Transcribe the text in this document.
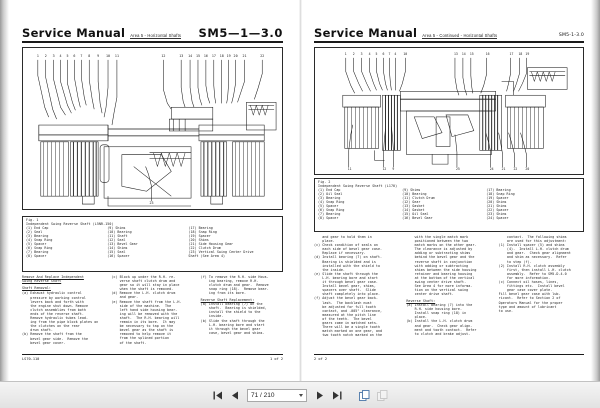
Service Manual Area 5 - Horizontal Shafts SM5—1—3.0
1 2 3 4 5 6 7 8 9 10 11	12	13 14 15 16 17 18 19 20 21	22
23
Fig. 1
Independent Swing Reverse Shaft (L5NR-150)
(1) End Cap
(2) Seal
(3) Bearing
(4) Snap Ring
(5) Spacer
(6) Snap Ring
(7) Bearing
(8) Spacer
(9) Shims
(10) Bearing
(11) Shaft
(12) Seal
(13) Bevel Gear
(14) Shims
(15) Seal
(16) Spacer
(17) Bearing
(18) Snap Ring
(19) Spacer
(20) Shims
(21) Side Housing Gear
(22) Clutch Drum
(23) Vertical Swing Center Drive
Shaft (See Area 4)
Remove And Replace Independent
Swing Reverse Shaft
Shaft Removal:
(a) Exhaust hydraulic control
pressure by working control
levers back and forth with
the engine shut down. Remove
clutch assemblies from both
ends of the reverse shaft.
Remove hydraulic tubes lead-
ing from the pipe block plates on
the clutches on the rear
drum shaft.
(b) Remove the shaft from the
bevel gear side.  Remove the
bevel gear cover.
(c) Block up under the R.H. re-
verse shaft clutch drum and
gear so it will stay in place
when the shaft is removed.
(d) Remove the L.H. clutch drum
and gear.
(e) Remove the shaft from the L.H.
side of the machine.  The
left hand side housing bear-
ing will be removed with the
shaft.  The R.H. bearing will
remain in its bore.  It may
be necessary to tap on the
bevel gear as the shaft is
removed to help remove it
from the splined portion
of the shaft.
(f) To remove the R.H. side Hous-
ing bearing, remove R.H.
clutch drum and gear.  Remove
snap ring (18).  Remove bear-
ing from its bore.
Reverse Shaft Replacement:
(a) Install bearing (7) on the
shaft.  Bearing is shielded,
install the shield to the
inside.
(b) Slide the shaft through the
L.H. bearing bore and start
it through the bevel gear
case, bevel gear and shims.
LS70-110	1 of 2
Service Manual Area 5 - Continued - Horizontal Shafts	SM5-1-3.0
1 2 3 4 5 6 7 4 10	13 14 15	16	17 18 19
11	12 9	25	24	21	22	20
Fig. 2
Independent Swing Reverse Shaft (L170)
(1) End Cap
(2) Oil Seal
(3) Bearing
(4) Snap Ring
(5) Spacer
(6) Snap Ring
(7) Bearing
(8) Spacer
(9) Shims
(10) Bearing
(11) Clutch Drum
(12) Gear
(13) Gasket
(14) Gasket
(15) Oil Seal
(16) Bevel Gear
(17) Bearing
(18) Snap Ring
(19) Spacer
(20) Shims
(21) Shims
(22) Spacer
(23) Shims
(24) Spacer
and gear to hold them in
place.
(c) Check condition of seals on
each side of bevel gear case.
Replace if necessary.
(d) Install bearing (7) on shaft.
Bearing is shielded and is
installed with the shield to
the inside.
(e) Slide the shaft through the
L.H. bearing bore and start
it through bevel gear case.
Install bevel gear, shims,
spacers over shaft.  Slide
shaft completely into place.
(f) Adjust the bevel gear back-
lash.  The backlash must
be adjusted for full tooth
contact, and .005" clearance,
measured at the pitch line
of the teeth.  The bevel
gears come in matched sets.
There will be a single tooth
match marked on one gear, and
two tooth notch marked on the
with the single match mark
positioned between the two
match marks on the other gear.
The clearance is adjusted by
adding or subtracting shims
behind the bevel gear and the
reverse shaft in conjunction
with adding or subtracting
shims between the side housing
retainer and bearing housing
at the bottom of the vertical
swing center drive shaft.
See Area 4 for more informa-
tion on the vertical swing
center drive shaft.
Reverse Shaft:
(a) Install bearing (7) into the
R.H. side housing bore.
Install snap ring (18) in
place.
(b) Install the L.H. clutch drum
and gear.  Check gear align-
ment and tooth contact.  Refer
to clutch and brake adjust-
contact.  The following shims
are used for this adjustment:
(1) Install spacer (5) and shims
(4).  Install L.H. clutch drum
and gear.  Check gear alignment
and shim as necessary.  Refer
to step (f).
(2) Install R.H. clutch assembly
first, then install L.H. clutch
assembly.  Refer to SM5-D-4.0
for more information.
(c) Connect oil hoses, lines,
fittings etc.  Install bevel
gear case cover plate.
Fill bevel gear case with lub-
ricant.  Refer to Section 2 of
Operators Manual for the proper
type and amount of lubricant
to use.
2 of 2
71 / 210
